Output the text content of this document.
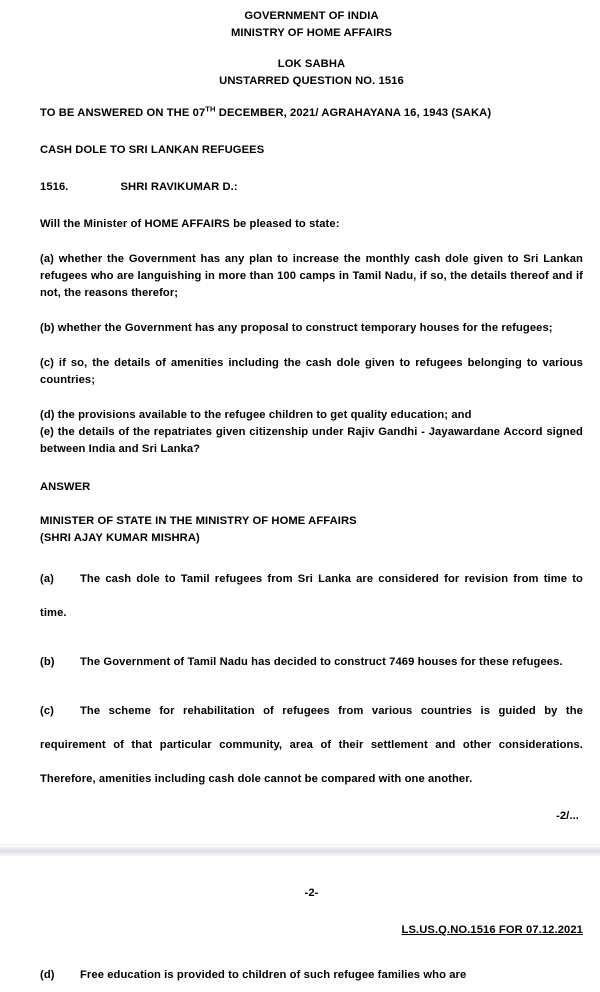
GOVERNMENT OF INDIA
MINISTRY OF HOME AFFAIRS
LOK SABHA
UNSTARRED QUESTION NO. 1516
TO BE ANSWERED ON THE 07TH DECEMBER, 2021/ AGRAHAYANA 16, 1943 (SAKA)
CASH DOLE TO SRI LANKAN REFUGEES
1516.	SHRI RAVIKUMAR D.:
Will the Minister of HOME AFFAIRS be pleased to state:
(a) whether the Government has any plan to increase the monthly cash dole given to Sri Lankan refugees who are languishing in more than 100 camps in Tamil Nadu, if so, the details thereof and if not, the reasons therefor;
(b) whether the Government has any proposal to construct temporary houses for the refugees;
(c) if so, the details of amenities including the cash dole given to refugees belonging to various countries;
(d) the provisions available to the refugee children to get quality education; and
(e) the details of the repatriates given citizenship under Rajiv Gandhi - Jayawardane Accord signed between India and Sri Lanka?
ANSWER
MINISTER OF STATE IN THE MINISTRY OF HOME AFFAIRS
(SHRI AJAY KUMAR MISHRA)
(a) The cash dole to Tamil refugees from Sri Lanka are considered for revision from time to time.
(b) The Government of Tamil Nadu has decided to construct 7469 houses for these refugees.
(c) The scheme for rehabilitation of refugees from various countries is guided by the requirement of that particular community, area of their settlement and other considerations. Therefore, amenities including cash dole cannot be compared with one another.
-2/...
-2-
LS.US.Q.NO.1516 FOR 07.12.2021
(d) Free education is provided to children of such refugee families who are
